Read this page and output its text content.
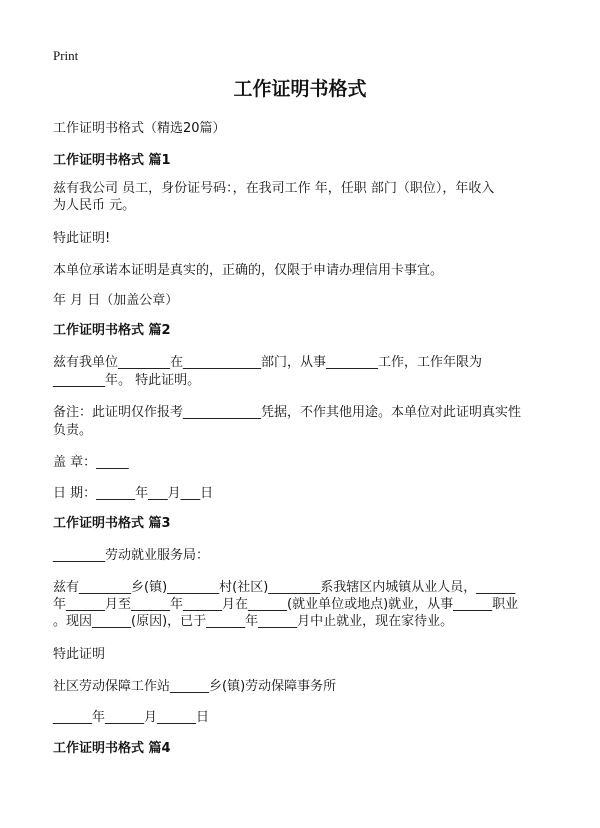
Print
工作证明书格式
工作证明书格式（精选20篇）
工作证明书格式 篇1
兹有我公司 员工，身份证号码：，在我司工作 年，任职 部门（职位），年收入
为人民币 元。
特此证明!
本单位承诺本证明是真实的，正确的，仅限于申请办理信用卡事宜。
年 月 日（加盖公章）
工作证明书格式 篇2
兹有我单位________在____________部门，从事________工作，工作年限为
________年。 特此证明。
备注：此证明仅作报考____________凭据，不作其他用途。本单位对此证明真实性
负责。
盖 章：_____
日 期：______年___月___日
工作证明书格式 篇3
________劳动就业服务局：
兹有________乡(镇)________村(社区)________系我辖区内城镇从业人员，______
年______月至______年______月在______(就业单位或地点)就业，从事______职业
。现因______(原因)，已于______年______月中止就业，现在家待业。
特此证明
社区劳动保障工作站______乡(镇)劳动保障事务所
______年______月______日
工作证明书格式 篇4
